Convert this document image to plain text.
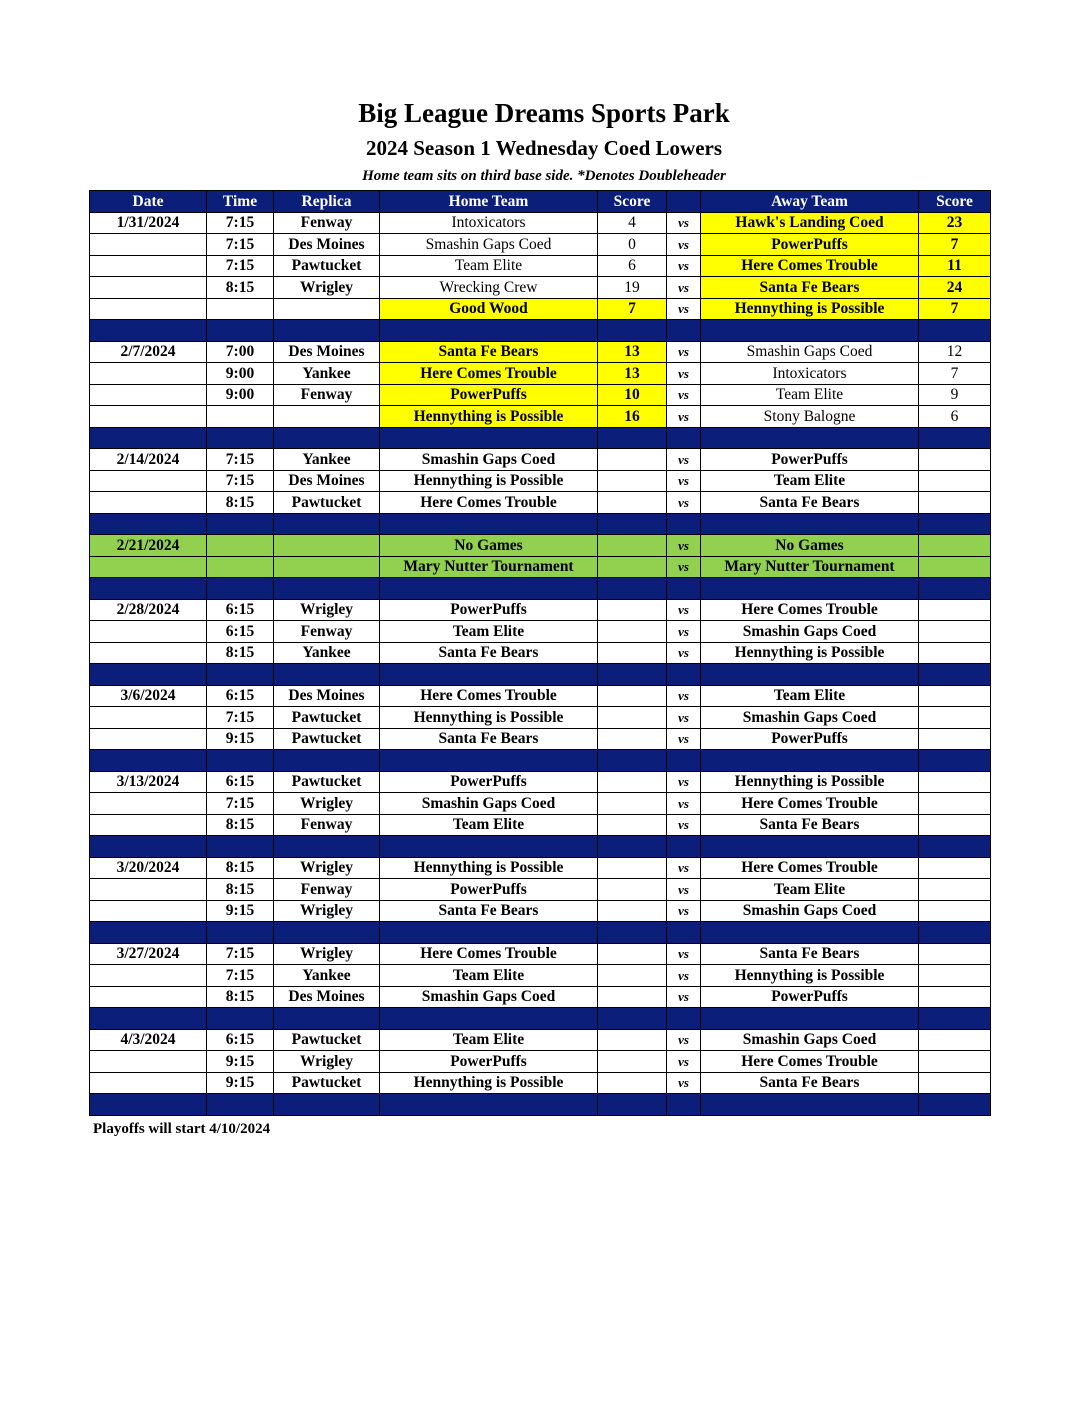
Big League Dreams Sports Park
2024 Season 1 Wednesday Coed Lowers
Home team sits on third base side. *Denotes Doubleheader
Date	Time	Replica	Home Team	Score		Away Team	Score
1/31/2024	7:15	Fenway	Intoxicators	4	vs	Hawk's Landing Coed	23
	7:15	Des Moines	Smashin Gaps Coed	0	vs	PowerPuffs	7
	7:15	Pawtucket	Team Elite	6	vs	Here Comes Trouble	11
	8:15	Wrigley	Wrecking Crew	19	vs	Santa Fe Bears	24
			Good Wood	7	vs	Hennything is Possible	7

2/7/2024	7:00	Des Moines	Santa Fe Bears	13	vs	Smashin Gaps Coed	12
	9:00	Yankee	Here Comes Trouble	13	vs	Intoxicators	7
	9:00	Fenway	PowerPuffs	10	vs	Team Elite	9
			Hennything is Possible	16	vs	Stony Balogne	6

2/14/2024	7:15	Yankee	Smashin Gaps Coed		vs	PowerPuffs	
	7:15	Des Moines	Hennything is Possible		vs	Team Elite	
	8:15	Pawtucket	Here Comes Trouble		vs	Santa Fe Bears	

2/21/2024			No Games		vs	No Games	
			Mary Nutter Tournament		vs	Mary Nutter Tournament	

2/28/2024	6:15	Wrigley	PowerPuffs		vs	Here Comes Trouble	
	6:15	Fenway	Team Elite		vs	Smashin Gaps Coed	
	8:15	Yankee	Santa Fe Bears		vs	Hennything is Possible	

3/6/2024	6:15	Des Moines	Here Comes Trouble		vs	Team Elite	
	7:15	Pawtucket	Hennything is Possible		vs	Smashin Gaps Coed	
	9:15	Pawtucket	Santa Fe Bears		vs	PowerPuffs	

3/13/2024	6:15	Pawtucket	PowerPuffs		vs	Hennything is Possible	
	7:15	Wrigley	Smashin Gaps Coed		vs	Here Comes Trouble	
	8:15	Fenway	Team Elite		vs	Santa Fe Bears	

3/20/2024	8:15	Wrigley	Hennything is Possible		vs	Here Comes Trouble	
	8:15	Fenway	PowerPuffs		vs	Team Elite	
	9:15	Wrigley	Santa Fe Bears		vs	Smashin Gaps Coed	

3/27/2024	7:15	Wrigley	Here Comes Trouble		vs	Santa Fe Bears	
	7:15	Yankee	Team Elite		vs	Hennything is Possible	
	8:15	Des Moines	Smashin Gaps Coed		vs	PowerPuffs	

4/3/2024	6:15	Pawtucket	Team Elite		vs	Smashin Gaps Coed	
	9:15	Wrigley	PowerPuffs		vs	Here Comes Trouble	
	9:15	Pawtucket	Hennything is Possible		vs	Santa Fe Bears	

Playoffs will start 4/10/2024
